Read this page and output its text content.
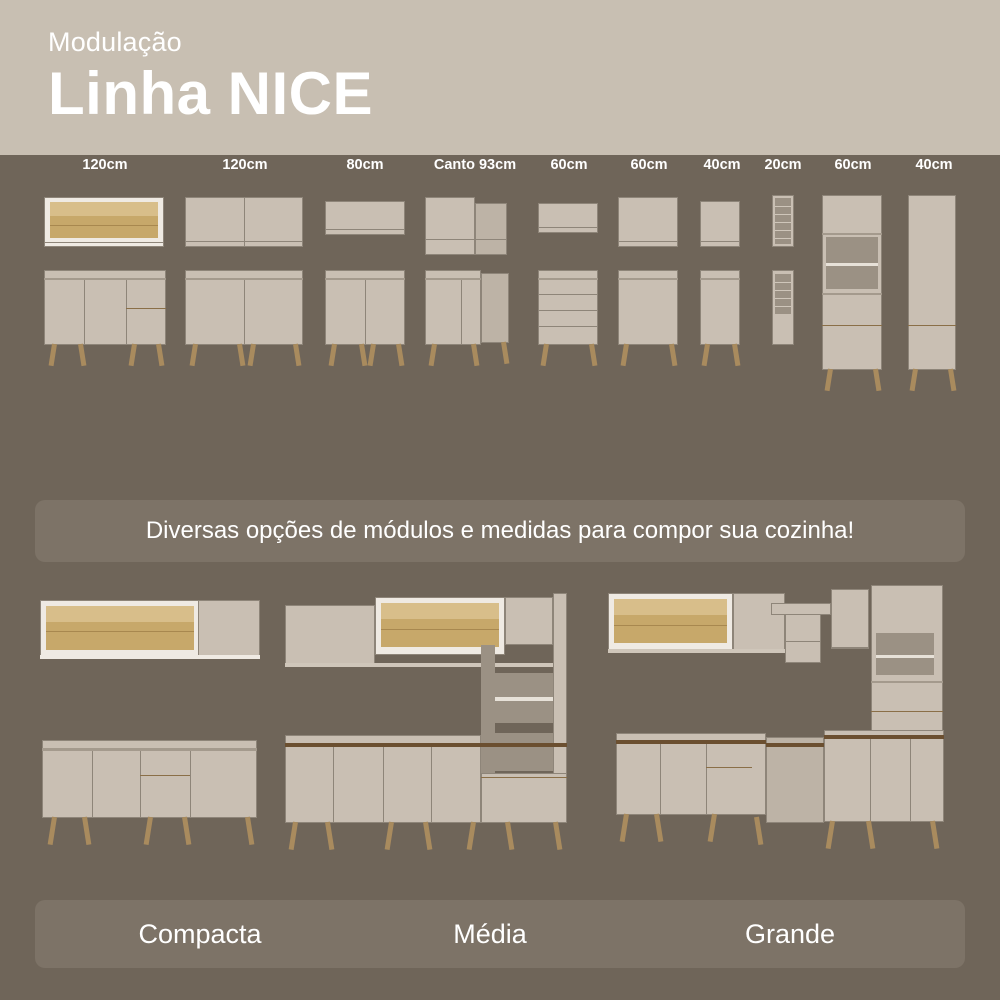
Modulação
Linha NICE
120cm	120cm	80cm	Canto 93cm	60cm	60cm	40cm 20cm	60cm	40cm
Diversas opções de módulos e medidas para compor sua cozinha!
Compacta	Média	Grande
